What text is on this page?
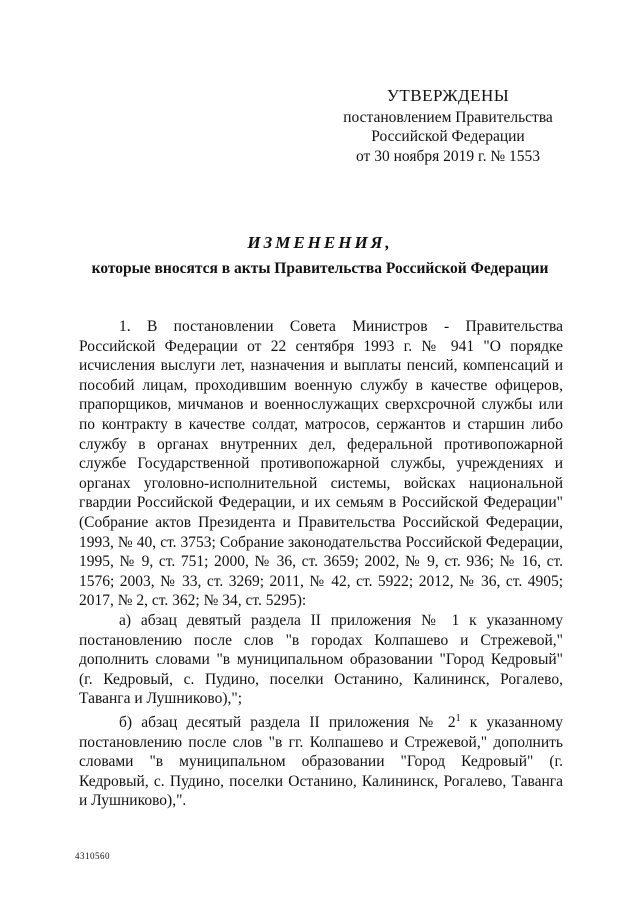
УТВЕРЖДЕНЫ
постановлением Правительства
Российской Федерации
от 30 ноября 2019 г. № 1553
ИЗМЕНЕНИЯ,
которые вносятся в акты Правительства Российской Федерации

1. В постановлении Совета Министров - Правительства Российской Федерации от 22 сентября 1993 г. № 941 "О порядке исчисления выслуги лет, назначения и выплаты пенсий, компенсаций и пособий лицам, проходившим военную службу в качестве офицеров, прапорщиков, мичманов и военнослужащих сверхсрочной службы или по контракту в качестве солдат, матросов, сержантов и старшин либо службу в органах внутренних дел, федеральной противопожарной службе Государственной противопожарной службы, учреждениях и органах уголовно-исполнительной системы, войсках национальной гвардии Российской Федерации, и их семьям в Российской Федерации" (Собрание актов Президента и Правительства Российской Федерации, 1993, № 40, ст. 3753; Собрание законодательства Российской Федерации, 1995, № 9, ст. 751; 2000, № 36, ст. 3659; 2002, № 9, ст. 936; № 16, ст. 1576; 2003, № 33, ст. 3269; 2011, № 42, ст. 5922; 2012, № 36, ст. 4905; 2017, № 2, ст. 362; № 34, ст. 5295):

а) абзац девятый раздела II приложения № 1 к указанному постановлению после слов "в городах Колпашево и Стрежевой," дополнить словами "в муниципальном образовании "Город Кедровый" (г. Кедровый, с. Пудино, поселки Останино, Калининск, Рогалево, Таванга и Лушниково),";

б) абзац десятый раздела II приложения № $2^1$ к указанному постановлению после слов "в гг. Колпашево и Стрежевой," дополнить словами "в муниципальном образовании "Город Кедровый" (г. Кедровый, с. Пудино, поселки Останино, Калининск, Рогалево, Таванга и Лушниково),".

4310560
